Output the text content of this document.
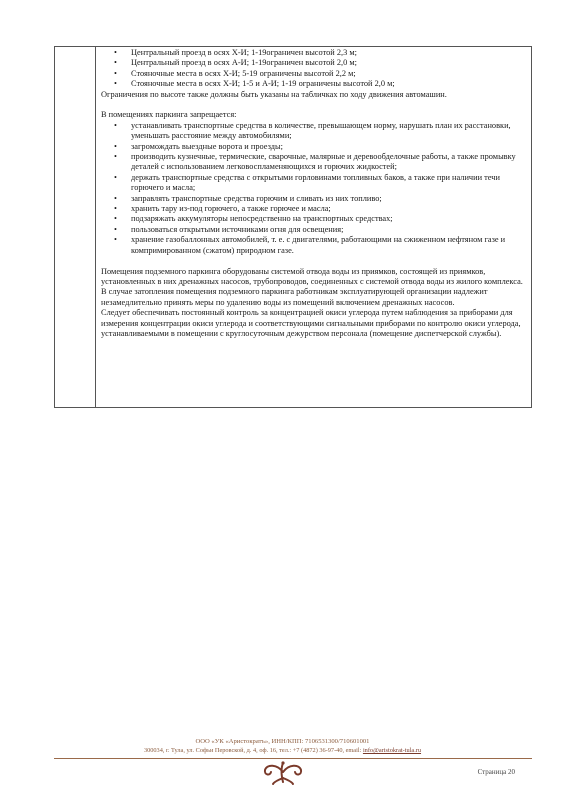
• Центральный проезд в осях Х-И; 1-19ограничен высотой 2,3 м;
• Центральный проезд в осях А-И; 1-19ограничен высотой 2,0 м;
• Стояночные места в осях Х-И; 5-19 ограничены высотой 2,2 м;
• Стояночные места в осях Х-И; 1-5 и А-И; 1-19 ограничены высотой 2,0 м;

Ограничения по высоте также должны быть указаны на табличках по ходу движения автомашин.

В помещениях паркинга запрещается:

• устанавливать транспортные средства в количестве, превышающем норму, нарушать план их расстановки, уменьшать расстояние между автомобилями;
• загромождать выездные ворота и проезды;
• производить кузнечные, термические, сварочные, малярные и деревообделочные работы, а также промывку деталей с использованием легковоспламеняющихся и горючих жидкостей;
• держать транспортные средства с открытыми горловинами топливных баков, а также при наличии течи горючего и масла;
• заправлять транспортные средства горючим и сливать из них топливо;
• хранить тару из-под горючего, а также горючее и масла;
• подзаряжать аккумуляторы непосредственно на транспортных средствах;
• пользоваться открытыми источниками огня для освещения;
• хранение газобаллонных автомобилей, т. е. с двигателями, работающими на сжиженном нефтяном газе и компримированном (сжатом) природном газе.

Помещения подземного паркинга оборудованы системой отвода воды из приямков, состоящей из приямков, установленных в них дренажных насосов, трубопроводов, соединенных с системой отвода воды из жилого комплекса. В случае затопления помещения подземного паркинга работникам эксплуатирующей организации надлежит незамедлительно принять меры по удалению воды из помещений включением дренажных насосов.

Следует обеспечивать постоянный контроль за концентрацией окиси углерода путем наблюдения за приборами для измерения концентрации окиси углерода и соответствующими сигнальными приборами по контролю окиси углерода, устанавливаемыми в помещении с круглосуточным дежурством персонала (помещение диспетчерской службы).

ООО «УК «Аристократъ», ИНН/КПП: 7106531300/710601001
300034, г. Тула, ул. Софьи Перовской, д. 4, оф. 16, тел.: +7 (4872) 36-97-40, email: info@aristokrat-tula.ru
Страница 20
